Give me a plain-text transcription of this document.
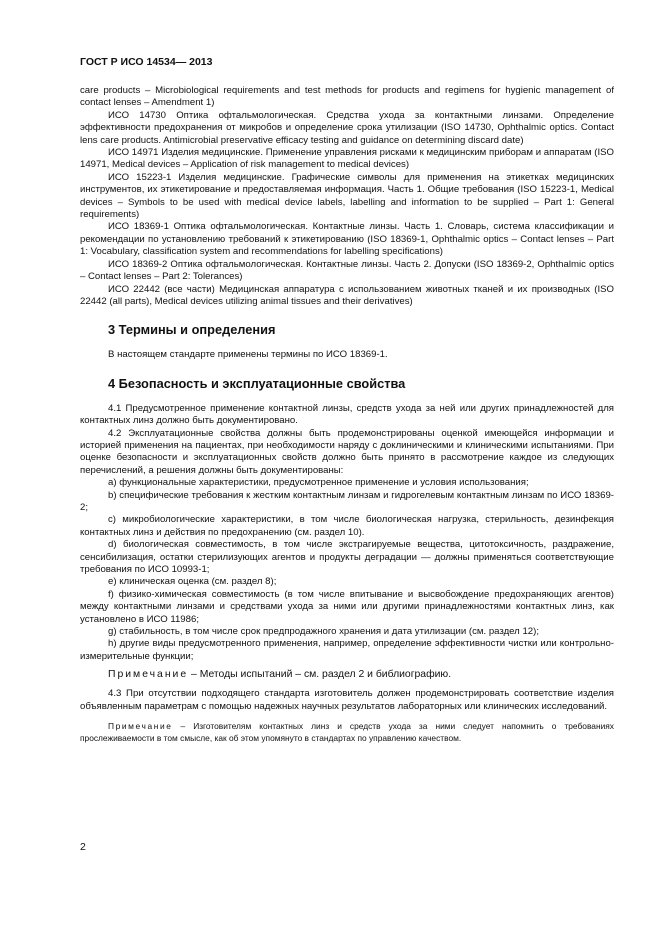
ГОСТ Р ИСО 14534— 2013

care products – Microbiological requirements and test methods for products and regimens for hygienic management of contact lenses – Amendment 1)

ИСО 14730 Оптика офтальмологическая. Средства ухода за контактными линзами. Определение эффективности предохранения от микробов и определение срока утилизации (ISO 14730, Ophthalmic optics. Contact lens care products. Antimicrobial preservative efficacy testing and guidance on determining discard date)

ИСО 14971 Изделия медицинские. Применение управления рисками к медицинским приборам и аппаратам (ISO 14971, Medical devices – Application of risk management to medical devices)

ИСО 15223-1 Изделия медицинские. Графические символы для применения на этикетках медицинских инструментов, их этикетирование и предоставляемая информация. Часть 1. Общие требования (ISO 15223-1, Medical devices – Symbols to be used with medical device labels, labelling and information to be supplied – Part 1: General requirements)

ИСО 18369-1 Оптика офтальмологическая. Контактные линзы. Часть 1. Словарь, система классификации и рекомендации по установлению требований к этикетированию (ISO 18369-1, Ophthalmic optics – Contact lenses – Part 1: Vocabulary, classification system and recommendations for labelling specifications)

ИСО 18369-2 Оптика офтальмологическая. Контактные линзы. Часть 2. Допуски (ISO 18369-2, Ophthalmic optics – Contact lenses – Part 2: Tolerances)

ИСО 22442 (все части) Медицинская аппаратура с использованием животных тканей и их производных (ISO 22442 (all parts), Medical devices utilizing animal tissues and their derivatives)

3 Термины и определения

В настоящем стандарте применены термины по ИСО 18369-1.

4 Безопасность и эксплуатационные свойства

4.1 Предусмотренное применение контактной линзы, средств ухода за ней или других принадлежностей для контактных линз должно быть документировано.

4.2 Эксплуатационные свойства должны быть продемонстрированы оценкой имеющейся информации и историей применения на пациентах, при необходимости наряду с доклиническими и клиническими испытаниями. При оценке безопасности и эксплуатационных свойств должно быть принято в рассмотрение каждое из следующих перечислений, а решения должны быть документированы:

a) функциональные характеристики, предусмотренное применение и условия использования;

b) специфические требования к жестким контактным линзам и гидрогелевым контактным линзам по ИСО 18369-2;

c) микробиологические характеристики, в том числе биологическая нагрузка, стерильность, дезинфекция контактных линз и действия по предохранению (см. раздел 10).

d) биологическая совместимость, в том числе экстрагируемые вещества, цитотоксичность, раздражение, сенсибилизация, остатки стерилизующих агентов и продукты деградации — должны применяться соответствующие требования по ИСО 10993-1;

e) клиническая оценка (см. раздел 8);

f) физико-химическая совместимость (в том числе впитывание и высвобождение предохраняющих агентов) между контактными линзами и средствами ухода за ними или другими принадлежностями контактных линз, как установлено в ИСО 11986;

g) стабильность, в том числе срок предпродажного хранения и дата утилизации (см. раздел 12);

h) другие виды предусмотренного применения, например, определение эффективности чистки или контрольно-измерительные функции;

Примечание – Методы испытаний – см. раздел 2 и библиографию.

4.3 При отсутствии подходящего стандарта изготовитель должен продемонстрировать соответствие изделия объявленным параметрам с помощью надежных научных результатов лабораторных или клинических исследований.

Примечание – Изготовителям контактных линз и средств ухода за ними следует напомнить о требованиях прослеживаемости в том смысле, как об этом упомянуто в стандартах по управлению качеством.

2
